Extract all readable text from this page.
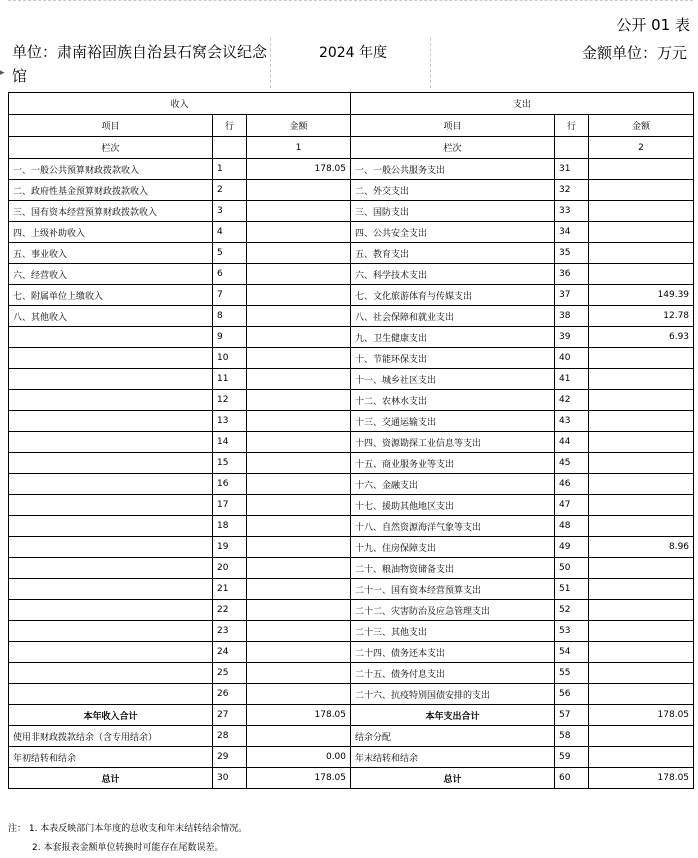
公开 01 表
▸
单位：肃南裕固族自治县石窝会议纪念馆
2024 年度	金额单位：万元
收入			支出		
项目	行	金额	项目	行	金额
栏次		1	栏次		2
一、一般公共预算财政拨款收入	1	178.05	一、一般公共服务支出	31	
二、政府性基金预算财政拨款收入	2		二、外交支出	32	
三、国有资本经营预算财政拨款收入	3		三、国防支出	33	
四、上级补助收入	4		四、公共安全支出	34	
五、事业收入	5		五、教育支出	35	
六、经营收入	6		六、科学技术支出	36	
七、附属单位上缴收入	7		七、文化旅游体育与传媒支出	37	149.39
八、其他收入	8		八、社会保障和就业支出	38	12.78
	9		九、卫生健康支出	39	6.93
	10		十、节能环保支出	40	
	11		十一、城乡社区支出	41	
	12		十二、农林水支出	42	
	13		十三、交通运输支出	43	
	14		十四、资源勘探工业信息等支出	44	
	15		十五、商业服务业等支出	45	
	16		十六、金融支出	46	
	17		十七、援助其他地区支出	47	
	18		十八、自然资源海洋气象等支出	48	
	19		十九、住房保障支出	49	8.96
	20		二十、粮油物资储备支出	50	
	21		二十一、国有资本经营预算支出	51	
	22		二十二、灾害防治及应急管理支出	52	
	23		二十三、其他支出	53	
	24		二十四、债务还本支出	54	
	25		二十五、债务付息支出	55	
	26		二十六、抗疫特别国债安排的支出	56	
本年收入合计	27	178.05	本年支出合计	57	178.05
使用非财政拨款结余（含专用结余）	28		结余分配	58	
年初结转和结余	29	0.00	年末结转和结余	59	
总计	30	178.05	总计	60	178.05
注： 1. 本表反映部门本年度的总收支和年末结转结余情况。
2. 本套报表金额单位转换时可能存在尾数误差。
